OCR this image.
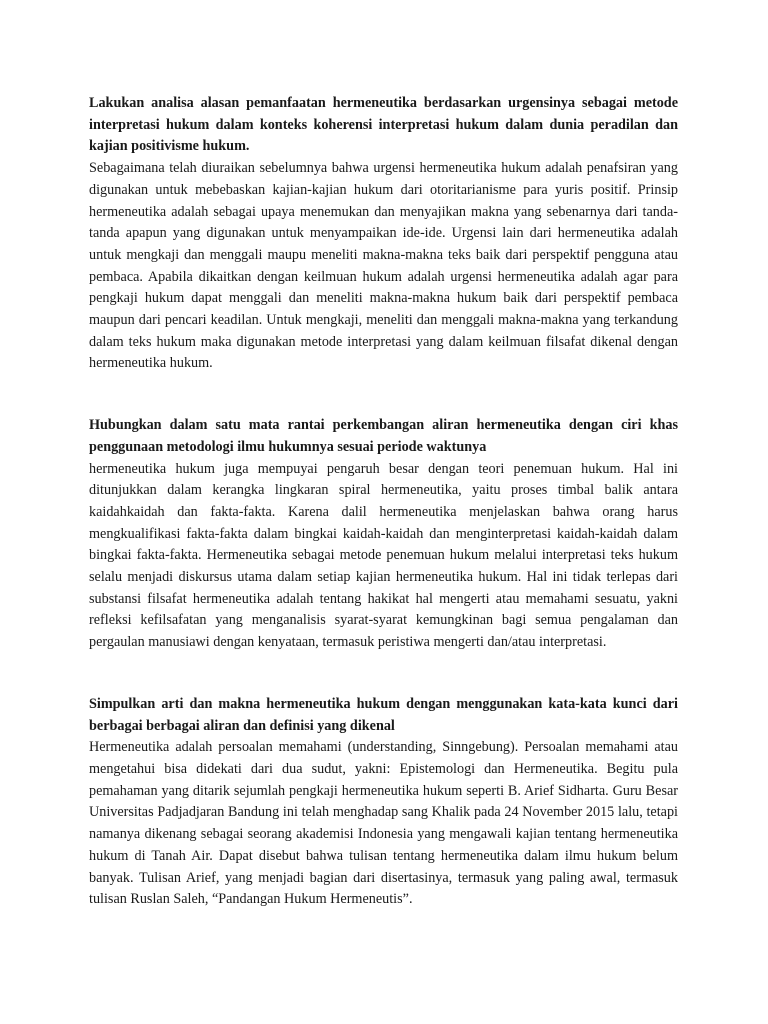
Lakukan analisa alasan pemanfaatan hermeneutika berdasarkan urgensinya sebagai metode interpretasi hukum dalam konteks koherensi interpretasi hukum dalam dunia peradilan dan kajian positivisme hukum.

Sebagaimana telah diuraikan sebelumnya bahwa urgensi hermeneutika hukum adalah penafsiran yang digunakan untuk mebebaskan kajian-kajian hukum dari otoritarianisme para yuris positif. Prinsip hermeneutika adalah sebagai upaya menemukan dan menyajikan makna yang sebenarnya dari tanda-tanda apapun yang digunakan untuk menyampaikan ide-ide. Urgensi lain dari hermeneutika adalah untuk mengkaji dan menggali maupu meneliti makna-makna teks baik dari perspektif pengguna atau pembaca. Apabila dikaitkan dengan keilmuan hukum adalah urgensi hermeneutika adalah agar para pengkaji hukum dapat menggali dan meneliti makna-makna hukum baik dari perspektif pembaca maupun dari pencari keadilan. Untuk mengkaji, meneliti dan menggali makna-makna yang terkandung dalam teks hukum maka digunakan metode interpretasi yang dalam keilmuan filsafat dikenal dengan hermeneutika hukum.

Hubungkan dalam satu mata rantai perkembangan aliran hermeneutika dengan ciri khas penggunaan metodologi ilmu hukumnya sesuai periode waktunya

hermeneutika hukum juga mempuyai pengaruh besar dengan teori penemuan hukum. Hal ini ditunjukkan dalam kerangka lingkaran spiral hermeneutika, yaitu proses timbal balik antara kaidahkaidah dan fakta-fakta. Karena dalil hermeneutika menjelaskan bahwa orang harus mengkualifikasi fakta-fakta dalam bingkai kaidah-kaidah dan menginterpretasi kaidah-kaidah dalam bingkai fakta-fakta. Hermeneutika sebagai metode penemuan hukum melalui interpretasi teks hukum selalu menjadi diskursus utama dalam setiap kajian hermeneutika hukum. Hal ini tidak terlepas dari substansi filsafat hermeneutika adalah tentang hakikat hal mengerti atau memahami sesuatu, yakni refleksi kefilsafatan yang menganalisis syarat-syarat kemungkinan bagi semua pengalaman dan pergaulan manusiawi dengan kenyataan, termasuk peristiwa mengerti dan/atau interpretasi.

Simpulkan arti dan makna hermeneutika hukum dengan menggunakan kata-kata kunci dari berbagai berbagai aliran dan definisi yang dikenal

Hermeneutika adalah persoalan memahami (understanding, Sinngebung). Persoalan memahami atau mengetahui bisa didekati dari dua sudut, yakni: Epistemologi dan Hermeneutika. Begitu pula pemahaman yang ditarik sejumlah pengkaji hermeneutika hukum seperti B. Arief Sidharta. Guru Besar Universitas Padjadjaran Bandung ini telah menghadap sang Khalik pada 24 November 2015 lalu, tetapi namanya dikenang sebagai seorang akademisi Indonesia yang mengawali kajian tentang hermeneutika hukum di Tanah Air. Dapat disebut bahwa tulisan tentang hermeneutika dalam ilmu hukum belum banyak. Tulisan Arief, yang menjadi bagian dari disertasinya, termasuk yang paling awal, termasuk tulisan Ruslan Saleh, “Pandangan Hukum Hermeneutis”.
